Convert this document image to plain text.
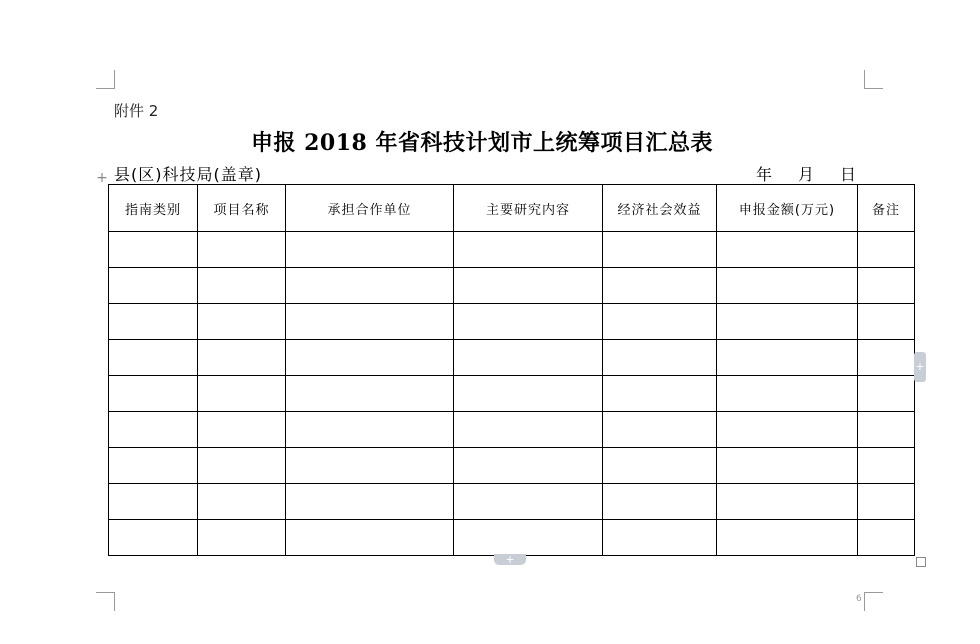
附件 2
申报 2018 年省科技计划市上统筹项目汇总表
县(区)科技局(盖章)	年 月 日
+
指南类别	项目名称	承担合作单位	主要研究内容	经济社会效益	申报金额(万元)	备注

+
+
6
